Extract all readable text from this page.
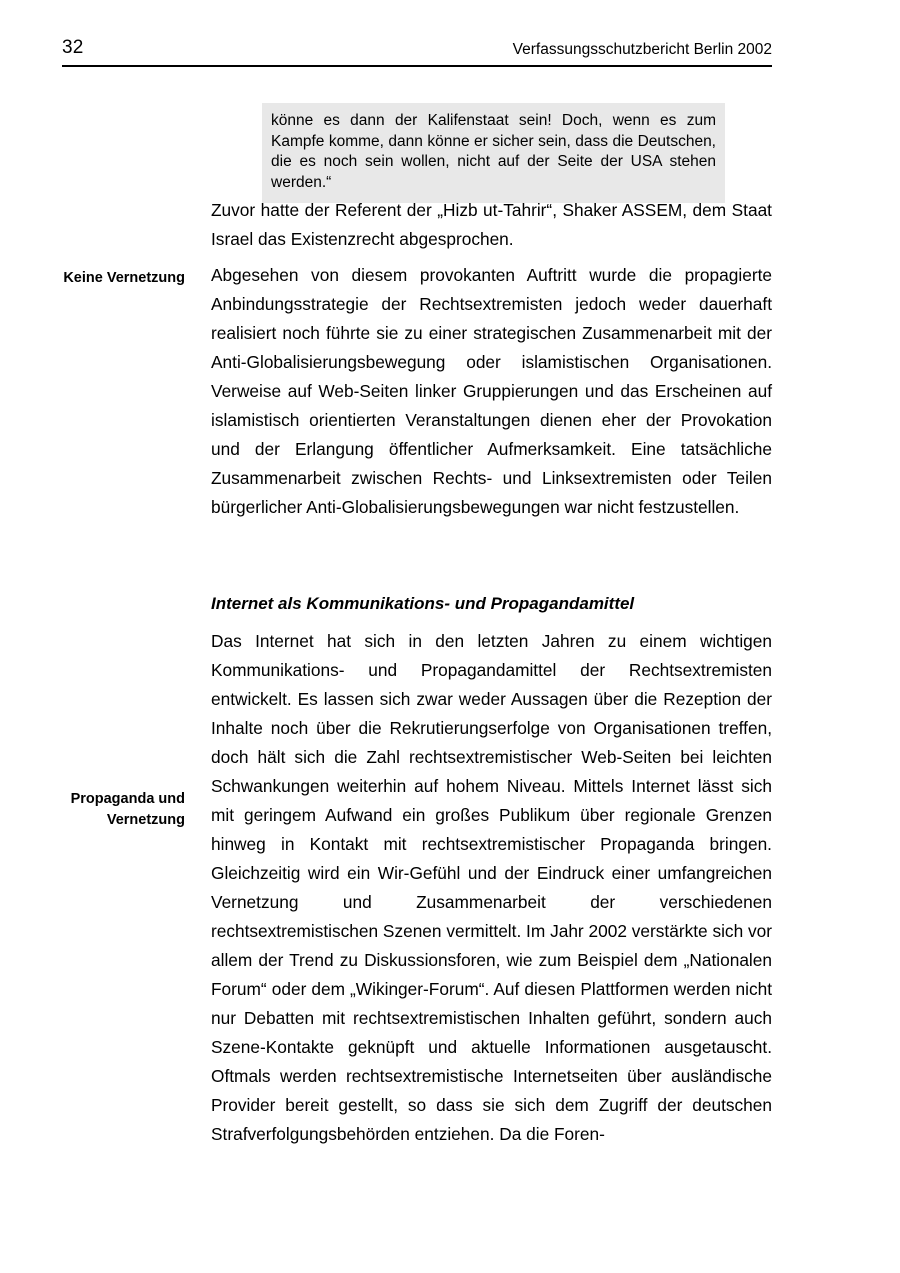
32	Verfassungsschutzbericht Berlin 2002

könne es dann der Kalifenstaat sein! Doch, wenn es zum Kampfe komme, dann könne er sicher sein, dass die Deutschen, die es noch sein wollen, nicht auf der Seite der USA stehen werden.“

Zuvor hatte der Referent der „Hizb ut-Tahrir“, Shaker ASSEM, dem Staat Israel das Existenzrecht abgesprochen.

Keine Vernetzung Abgesehen von diesem provokanten Auftritt wurde die propagierte Anbindungsstrategie der Rechtsextremisten jedoch weder dauerhaft realisiert noch führte sie zu einer strategischen Zusammenarbeit mit der Anti-Globalisierungsbewegung oder islamistischen Organisationen. Verweise auf Web-Seiten linker Gruppierungen und das Erscheinen auf islamistisch orientierten Veranstaltungen dienen eher der Provokation und der Erlangung öffentlicher Aufmerksamkeit. Eine tatsächliche Zusammenarbeit zwischen Rechts- und Linksextremisten oder Teilen bürgerlicher Anti-Globalisierungsbewegungen war nicht festzustellen.

Internet als Kommunikations- und Propagandamittel
Propaganda und Vernetzung

Das Internet hat sich in den letzten Jahren zu einem wichtigen Kommunikations- und Propagandamittel der Rechtsextremisten entwickelt. Es lassen sich zwar weder Aussagen über die Rezeption der Inhalte noch über die Rekrutierungserfolge von Organisationen treffen, doch hält sich die Zahl rechtsextremistischer Web-Seiten bei leichten Schwankungen weiterhin auf hohem Niveau. Mittels Internet lässt sich mit geringem Aufwand ein großes Publikum über regionale Grenzen hinweg in Kontakt mit rechtsextremistischer Propaganda bringen. Gleichzeitig wird ein Wir-Gefühl und der Eindruck einer umfangreichen Vernetzung und Zusammenarbeit der verschiedenen rechtsextremistischen Szenen vermittelt. Im Jahr 2002 verstärkte sich vor allem der Trend zu Diskussionsforen, wie zum Beispiel dem „Nationalen Forum“ oder dem „Wikinger-Forum“. Auf diesen Plattformen werden nicht nur Debatten mit rechtsextremistischen Inhalten geführt, sondern auch Szene-Kontakte geknüpft und aktuelle Informationen ausgetauscht. Oftmals werden rechtsextremistische Internetseiten über ausländische Provider bereit gestellt, so dass sie sich dem Zugriff der deutschen Strafverfolgungsbehörden entziehen. Da die Foren-
